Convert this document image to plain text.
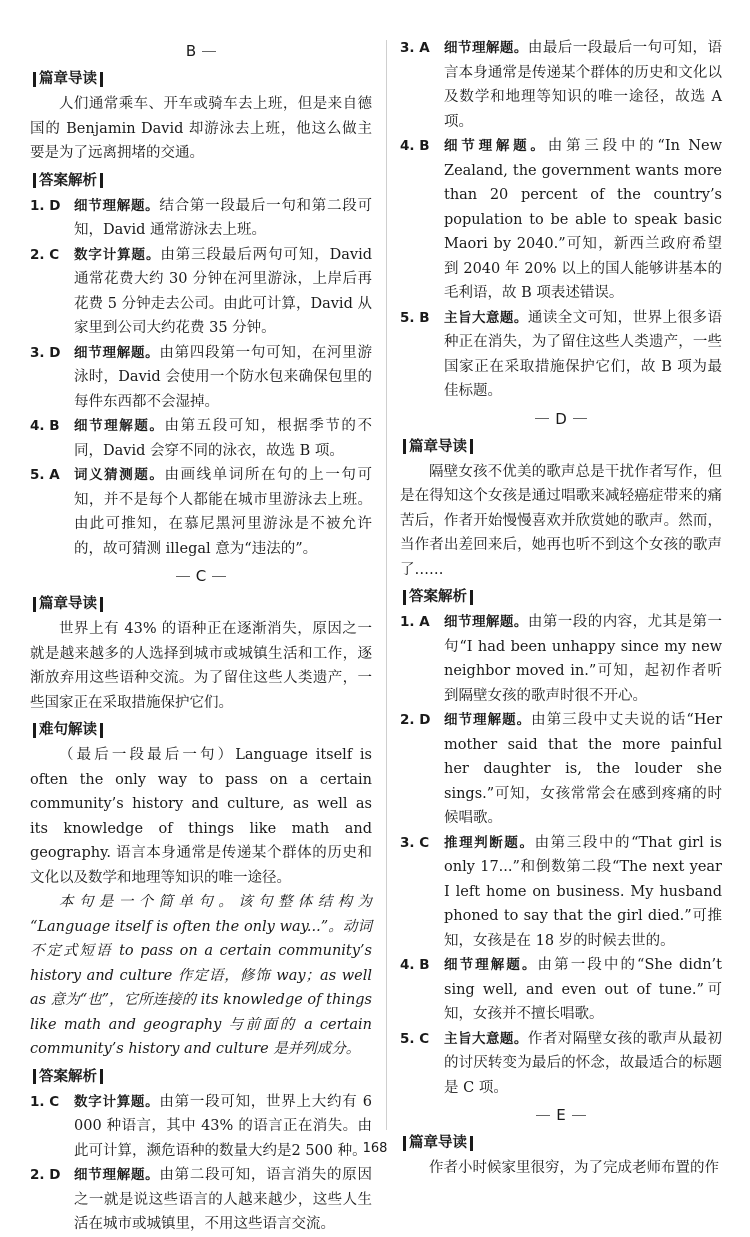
B
篇章导读

人们通常乘车、开车或骑车去上班，但是来自德国的 Benjamin David 却游泳去上班，他这么做主要是为了远离拥堵的交通。

答案解析
1. D	细节理解题。结合第一段最后一句和第二段可知，David 通常游泳去上班。
2. C	数字计算题。由第三段最后两句可知，David 通常花费大约 30 分钟在河里游泳，上岸后再花费 5 分钟走去公司。由此可计算，David 从家里到公司大约花费 35 分钟。
3. D	细节理解题。由第四段第一句可知，在河里游泳时，David 会使用一个防水包来确保包里的每件东西都不会湿掉。
4. B	细节理解题。由第五段可知，根据季节的不同，David 会穿不同的泳衣，故选 B 项。
5. A	词义猜测题。由画线单词所在句的上一句可知，并不是每个人都能在城市里游泳去上班。由此可推知，在慕尼黑河里游泳是不被允许的，故可猜测 illegal 意为“违法的”。
C
篇章导读

世界上有 43% 的语种正在逐渐消失，原因之一就是越来越多的人选择到城市或城镇生活和工作，逐渐放弃用这些语种交流。为了留住这些人类遗产，一些国家正在采取措施保护它们。

难句解读

（最后一段最后一句）Language itself is often the only way to pass on a certain community’s history and culture, as well as its knowledge of things like math and geography. 语言本身通常是传递某个群体的历史和文化以及数学和地理等知识的唯一途径。

本句是一个简单句。该句整体结构为 “Language itself is often the only way...”。动词不定式短语 to pass on a certain community’s history and culture 作定语，修饰 way；as well as 意为“也”，它所连接的 its knowledge of things like math and geography 与前面的 a certain community’s history and culture 是并列成分。

答案解析
1. C	数字计算题。由第一段可知，世界上大约有 6 000 种语言，其中 43% 的语言正在消失。由此可计算，濒危语种的数量大约是2 500 种。
2. D	细节理解题。由第二段可知，语言消失的原因之一就是说这些语言的人越来越少，这些人生活在城市或城镇里，不用这些语言交流。
3. A	细节理解题。由最后一段最后一句可知，语言本身通常是传递某个群体的历史和文化以及数学和地理等知识的唯一途径，故选 A 项。
4. B	细节理解题。由第三段中的“In New Zealand, the government wants more than 20 percent of the country’s population to be able to speak basic Maori by 2040.”可知，新西兰政府希望到 2040 年 20% 以上的国人能够讲基本的毛利语，故 B 项表述错误。
5. B	主旨大意题。通读全文可知，世界上很多语种正在消失，为了留住这些人类遗产，一些国家正在采取措施保护它们，故 B 项为最佳标题。
D
篇章导读

隔壁女孩不优美的歌声总是干扰作者写作，但是在得知这个女孩是通过唱歌来减轻癌症带来的痛苦后，作者开始慢慢喜欢并欣赏她的歌声。然而，当作者出差回来后，她再也听不到这个女孩的歌声了……

答案解析
1. A	细节理解题。由第一段的内容，尤其是第一句“I had been unhappy since my new neighbor moved in.”可知，起初作者听到隔壁女孩的歌声时很不开心。
2. D	细节理解题。由第三段中丈夫说的话“Her mother said that the more painful her daughter is, the louder she sings.”可知，女孩常常会在感到疼痛的时候唱歌。
3. C	推理判断题。由第三段中的“That girl is only 17...”和倒数第二段“The next year I left home on business. My husband phoned to say that the girl died.”可推知，女孩是在 18 岁的时候去世的。
4. B	细节理解题。由第一段中的“She didn’t sing well, and even out of tune.”可知，女孩并不擅长唱歌。
5. C	主旨大意题。作者对隔壁女孩的歌声从最初的讨厌转变为最后的怀念，故最适合的标题是 C 项。
E
篇章导读

作者小时候家里很穷，为了完成老师布置的作

168
